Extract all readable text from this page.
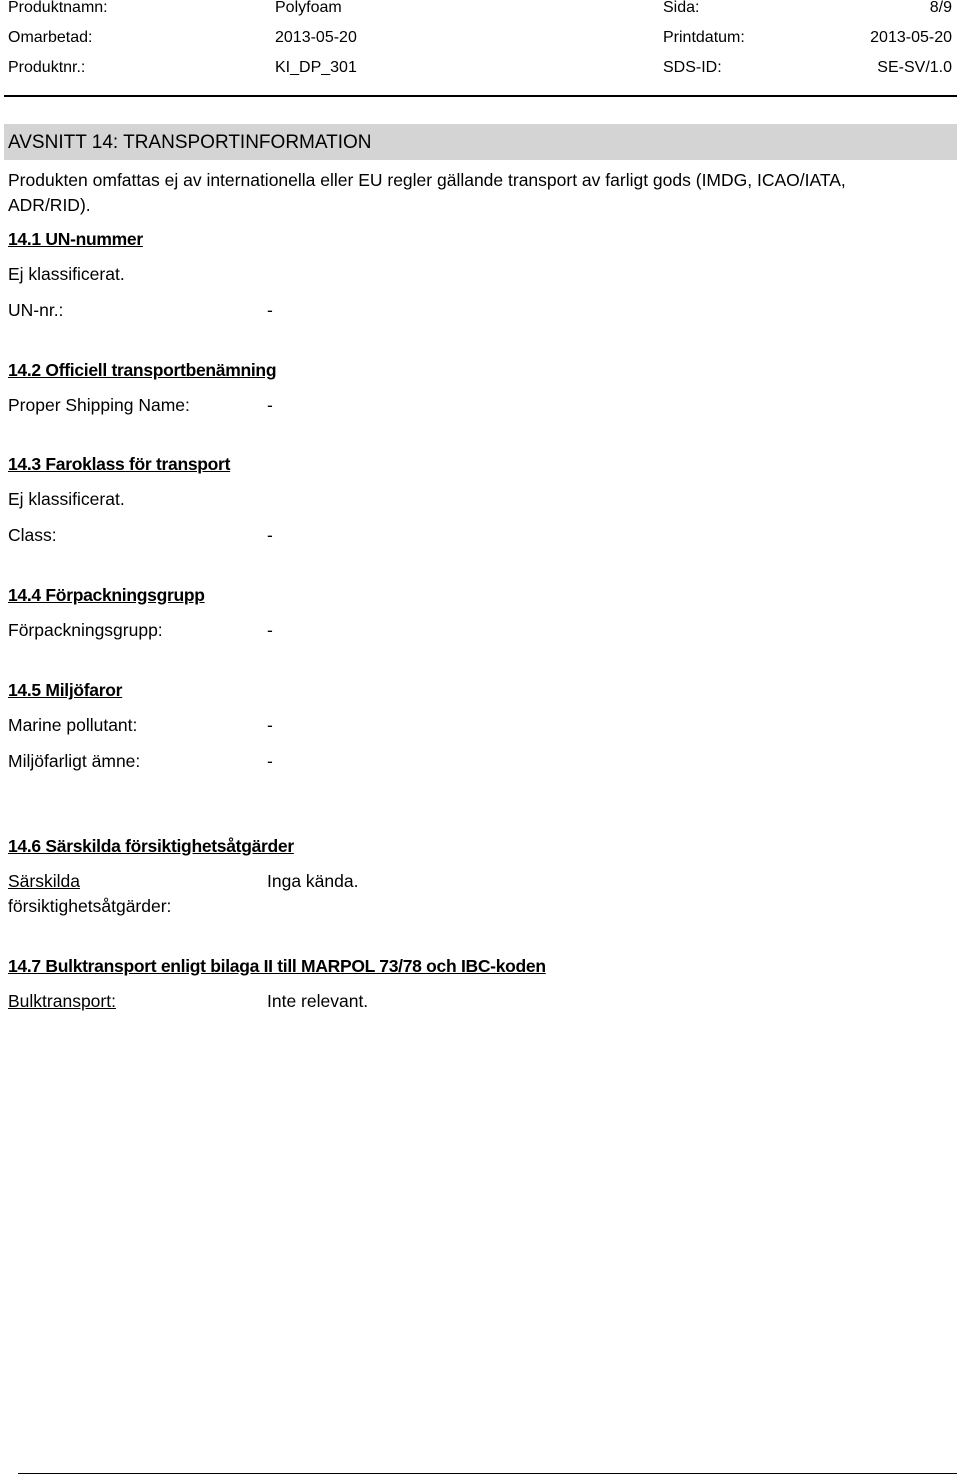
Produktnamn:	Polyfoam	Sida:	8/9
Omarbetad:	2013-05-20	Printdatum:	2013-05-20
Produktnr.:	KI_DP_301	SDS-ID:	SE-SV/1.0
AVSNITT 14: TRANSPORTINFORMATION
Produkten omfattas ej av internationella eller EU regler gällande transport av farligt gods (IMDG, ICAO/IATA,
ADR/RID).
14.1 UN-nummer
Ej klassificerat.
UN-nr.:	-
14.2 Officiell transportbenämning
Proper Shipping Name:	-
14.3 Faroklass för transport
Ej klassificerat.
Class:	-
14.4 Förpackningsgrupp
Förpackningsgrupp:	-
14.5 Miljöfaror
Marine pollutant:	-
Miljöfarligt ämne:	-
14.6 Särskilda försiktighetsåtgärder
Särskilda
försiktighetsåtgärder:
Inga kända.
14.7 Bulktransport enligt bilaga II till MARPOL 73/78 och IBC-koden
Bulktransport:	Inte relevant.
